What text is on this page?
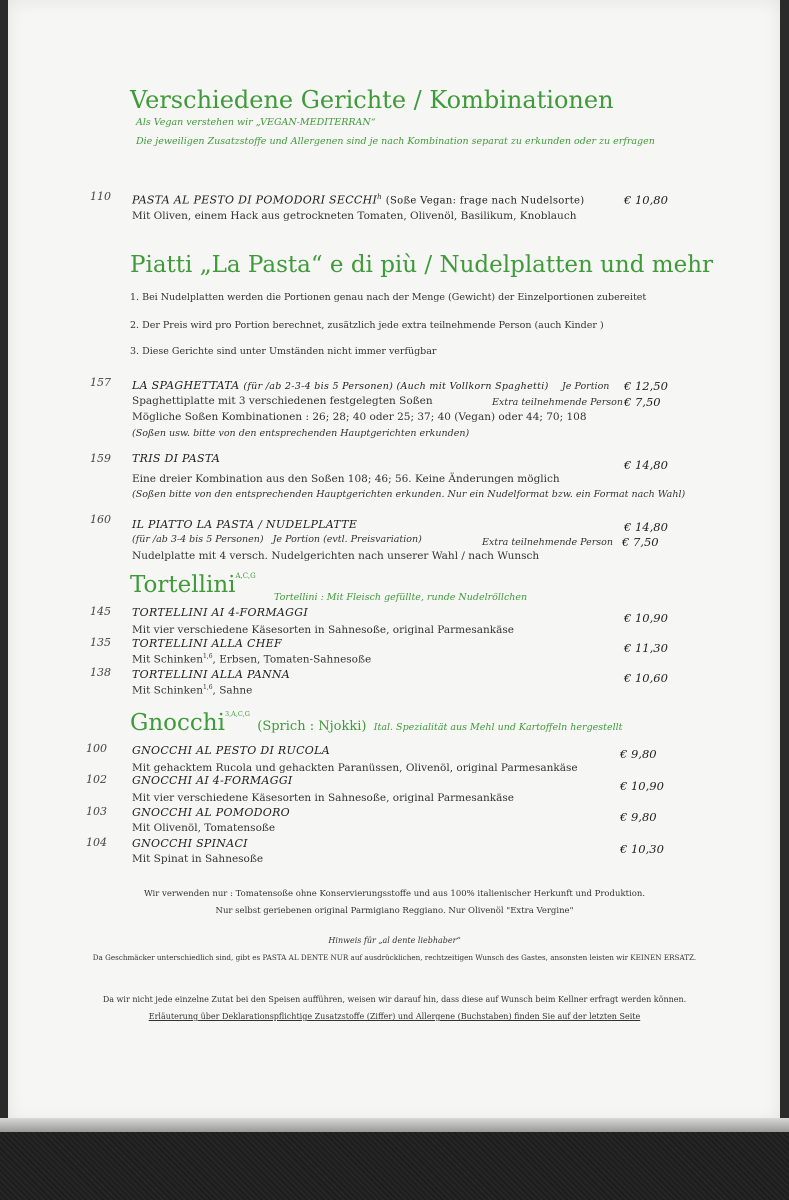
Verschiedene Gerichte / Kombinationen
Als Vegan verstehen wir „VEGAN-MEDITERRAN“
Die jeweiligen Zusatzstoffe und Allergenen sind je nach Kombination separat zu erkunden oder zu erfragen
110 PASTA AL PESTO DI POMODORI SECCHI$^h$ (Soße Vegan: frage nach Nudelsorte)	€ 10,80
Mit Oliven, einem Hack aus getrockneten Tomaten, Olivenöl, Basilikum, Knoblauch
Piatti „La Pasta“ e di più / Nudelplatten und mehr
1. Bei Nudelplatten werden die Portionen genau nach der Menge (Gewicht) der Einzelportionen zubereitet
2. Der Preis wird pro Portion berechnet, zusätzlich jede extra teilnehmende Person (auch Kinder )
3. Diese Gerichte sind unter Umständen nicht immer verfügbar
157 LA SPAGHETTATA (für /ab 2-3-4 bis 5 Personen) (Auch mit Vollkorn Spaghetti) Je Portion € 12,50
Spaghettiplatte mit 3 verschiedenen festgelegten Soßen	Extra teilnehmende Person € 7,50
Mögliche Soßen Kombinationen : 26; 28; 40 oder 25; 37; 40 (Vegan) oder 44; 70; 108
(Soßen usw. bitte von den entsprechenden Hauptgerichten erkunden)
159 TRIS DI PASTA	€ 14,80
Eine dreier Kombination aus den Soßen 108; 46; 56. Keine Änderungen möglich
(Soßen bitte von den entsprechenden Hauptgerichten erkunden. Nur ein Nudelformat bzw. ein Format nach Wahl)
160 IL PIATTO LA PASTA / NUDELPLATTE	€ 14,80
(für /ab 3-4 bis 5 Personen) Je Portion (evtl. Preisvariation)	Extra teilnehmende Person € 7,50
Nudelplatte mit 4 versch. Nudelgerichten nach unserer Wahl / nach Wunsch
Tortellini$^{A,C,G}$
Tortellini : Mit Fleisch gefüllte, runde Nudelröllchen
145 TORTELLINI AI 4-FORMAGGI	€ 10,90
Mit vier verschiedene Käsesorten in Sahnesoße, original Parmesankäse
135 TORTELLINI ALLA CHEF	€ 11,30
Mit Schinken$^{1,6}$, Erbsen, Tomaten-Sahnesoße
138 TORTELLINI ALLA PANNA	€ 10,60
Mit Schinken$^{1,6}$, Sahne
Gnocchi$^{3,A,C,G}$ (Sprich : Njokki) Ital. Spezialität aus Mehl und Kartoffeln hergestellt
100 GNOCCHI AL PESTO DI RUCOLA	€ 9,80
Mit gehacktem Rucola und gehackten Paranüssen, Olivenöl, original Parmesankäse
102 GNOCCHI AI 4-FORMAGGI	€ 10,90
Mit vier verschiedene Käsesorten in Sahnesoße, original Parmesankäse
103 GNOCCHI AL POMODORO	€ 9,80
Mit Olivenöl, Tomatensoße
104 GNOCCHI SPINACI	€ 10,30
Mit Spinat in Sahnesoße
Wir verwenden nur : Tomatensoße ohne Konservierungsstoffe und aus 100% italienischer Herkunft und Produktion.
Nur selbst geriebenen original Parmigiano Reggiano. Nur Olivenöl "Extra Vergine"
Hinweis für „al dente liebhaber“
Da Geschmäcker unterschiedlich sind, gibt es PASTA AL DENTE NUR auf ausdrücklichen, rechtzeitigen Wunsch des Gastes, ansonsten leisten wir KEINEN ERSATZ.
Da wir nicht jede einzelne Zutat bei den Speisen aufführen, weisen wir darauf hin, dass diese auf Wunsch beim Kellner erfragt werden können.
Erläuterung über Deklarationspflichtige Zusatzstoffe (Ziffer) und Allergene (Buchstaben) finden Sie auf der letzten Seite
